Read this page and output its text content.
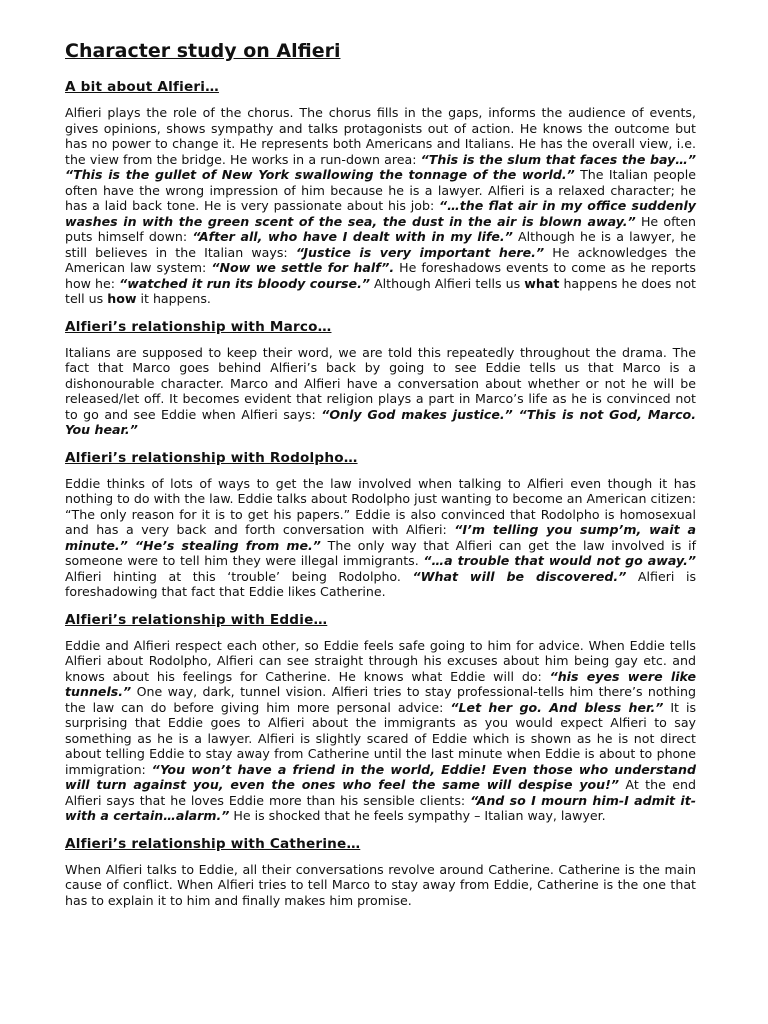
Character study on Alfieri
A bit about Alfieri…

Alfieri plays the role of the chorus. The chorus fills in the gaps, informs the audience of events, gives opinions, shows sympathy and talks protagonists out of action. He knows the outcome but has no power to change it. He represents both Americans and Italians. He has the overall view, i.e. the view from the bridge. He works in a run-down area: “This is the slum that faces the bay…” “This is the gullet of New York swallowing the tonnage of the world.” The Italian people often have the wrong impression of him because he is a lawyer. Alfieri is a relaxed character; he has a laid back tone. He is very passionate about his job: “…the flat air in my office suddenly washes in with the green scent of the sea, the dust in the air is blown away.” He often puts himself down: “After all, who have I dealt with in my life.” Although he is a lawyer, he still believes in the Italian ways: “Justice is very important here.” He acknowledges the American law system: “Now we settle for half”. He foreshadows events to come as he reports how he: “watched it run its bloody course.” Although Alfieri tells us what happens he does not tell us how it happens.

Alfieri’s relationship with Marco…

Italians are supposed to keep their word, we are told this repeatedly throughout the drama. The fact that Marco goes behind Alfieri’s back by going to see Eddie tells us that Marco is a dishonourable character. Marco and Alfieri have a conversation about whether or not he will be released/let off. It becomes evident that religion plays a part in Marco’s life as he is convinced not to go and see Eddie when Alfieri says: “Only God makes justice.” “This is not God, Marco. You hear.”

Alfieri’s relationship with Rodolpho…

Eddie thinks of lots of ways to get the law involved when talking to Alfieri even though it has nothing to do with the law. Eddie talks about Rodolpho just wanting to become an American citizen: “The only reason for it is to get his papers.” Eddie is also convinced that Rodolpho is homosexual and has a very back and forth conversation with Alfieri: “I’m telling you sump’m, wait a minute.” “He’s stealing from me.” The only way that Alfieri can get the law involved is if someone were to tell him they were illegal immigrants. “…a trouble that would not go away.” Alfieri hinting at this ‘trouble’ being Rodolpho. “What will be discovered.” Alfieri is foreshadowing that fact that Eddie likes Catherine.

Alfieri’s relationship with Eddie…

Eddie and Alfieri respect each other, so Eddie feels safe going to him for advice. When Eddie tells Alfieri about Rodolpho, Alfieri can see straight through his excuses about him being gay etc. and knows about his feelings for Catherine. He knows what Eddie will do: “his eyes were like tunnels.” One way, dark, tunnel vision. Alfieri tries to stay professional-tells him there’s nothing the law can do before giving him more personal advice: “Let her go. And bless her.” It is surprising that Eddie goes to Alfieri about the immigrants as you would expect Alfieri to say something as he is a lawyer. Alfieri is slightly scared of Eddie which is shown as he is not direct about telling Eddie to stay away from Catherine until the last minute when Eddie is about to phone immigration: “You won’t have a friend in the world, Eddie! Even those who understand will turn against you, even the ones who feel the same will despise you!” At the end Alfieri says that he loves Eddie more than his sensible clients: “And so I mourn him-I admit it-with a certain…alarm.” He is shocked that he feels sympathy – Italian way, lawyer.

Alfieri’s relationship with Catherine…

When Alfieri talks to Eddie, all their conversations revolve around Catherine. Catherine is the main cause of conflict. When Alfieri tries to tell Marco to stay away from Eddie, Catherine is the one that has to explain it to him and finally makes him promise.
